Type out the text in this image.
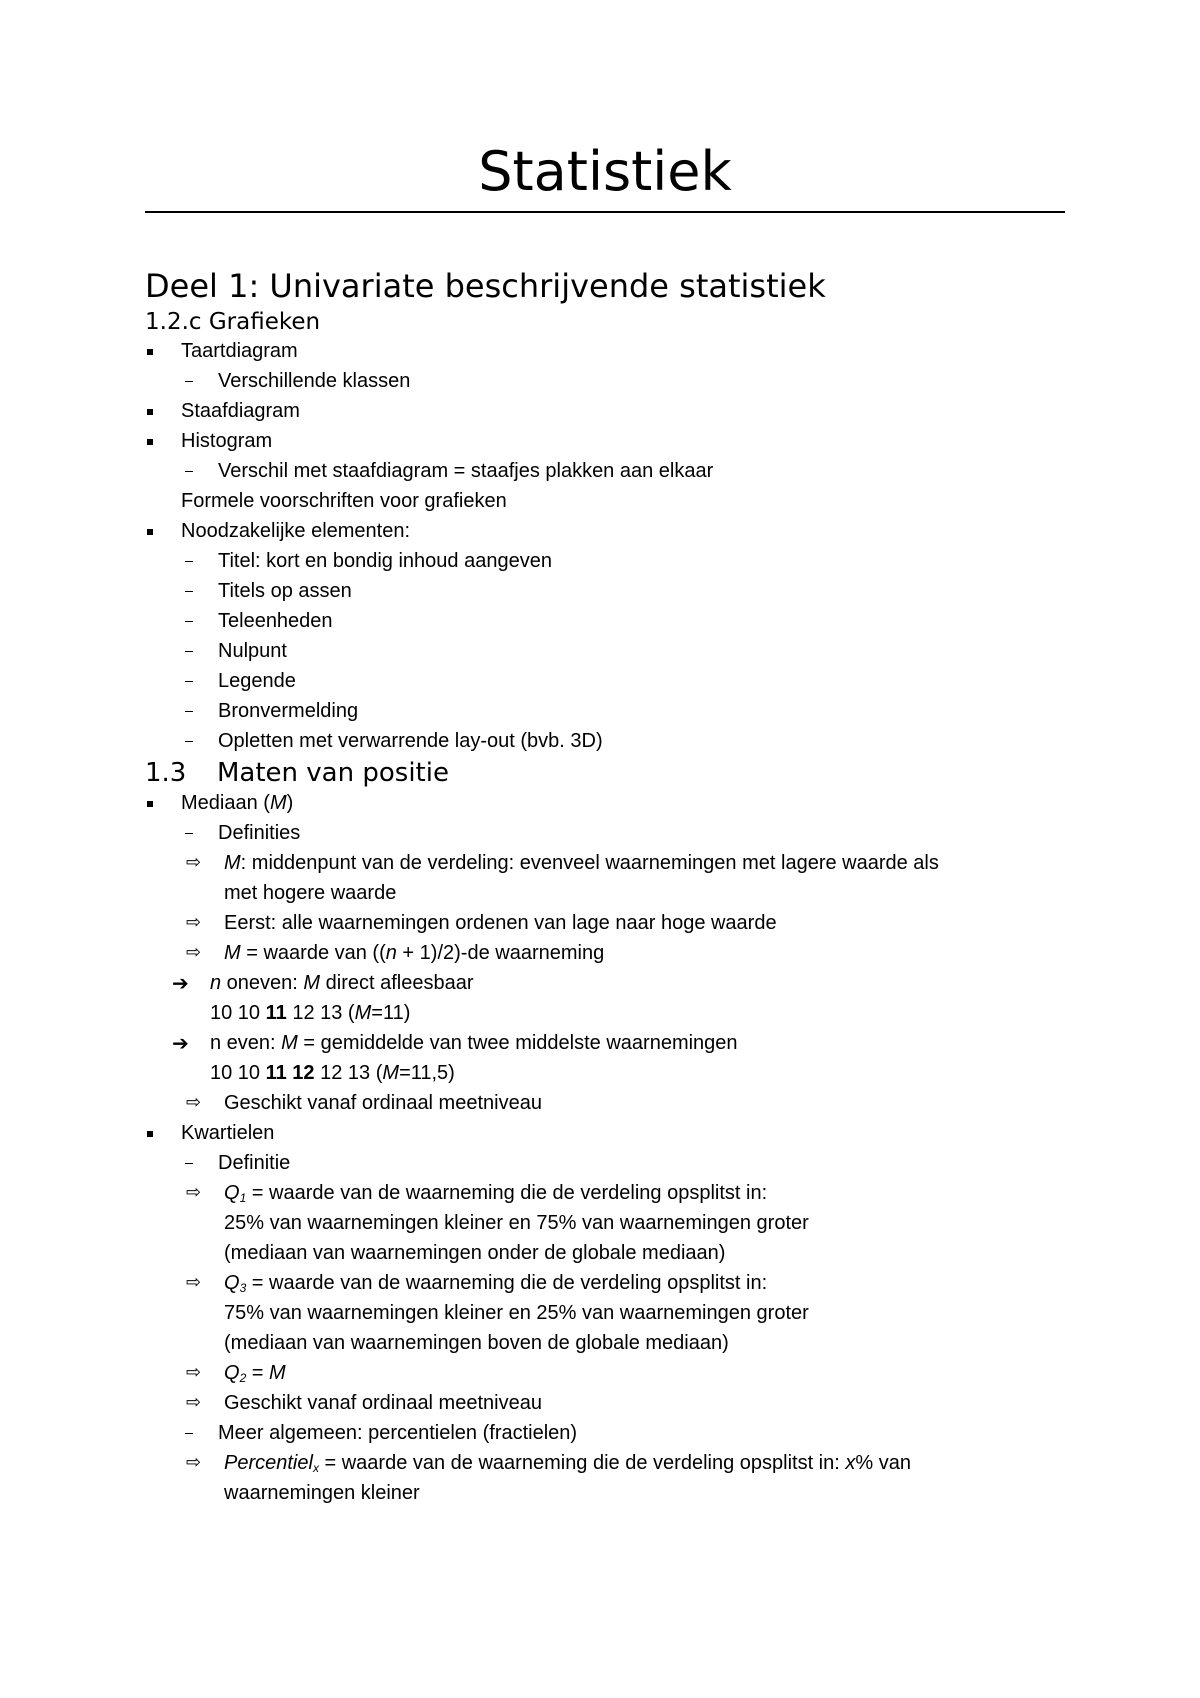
Statistiek
Deel 1: Univariate beschrijvende statistiek
1.2.c Grafieken
Taartdiagram
Verschillende klassen
Staafdiagram
Histogram
Verschil met staafdiagram = staafjes plakken aan elkaar
Formele voorschriften voor grafieken
Noodzakelijke elementen:
Titel: kort en bondig inhoud aangeven
Titels op assen
Teleenheden
Nulpunt
Legende
Bronvermelding
Opletten met verwarrende lay-out (bvb. 3D)
1.3 Maten van positie
Mediaan (M)
Definities
⇨ M: middenpunt van de verdeling: evenveel waarnemingen met lagere waarde als
met hogere waarde
⇨ Eerst: alle waarnemingen ordenen van lage naar hoge waarde
⇨ M = waarde van ((n + 1)/2)-de waarneming
➔ n oneven: M direct afleesbaar
10 10 11 12 13 (M=11)
➔ n even: M = gemiddelde van twee middelste waarnemingen
10 10 11 12 12 13 (M=11,5)
⇨ Geschikt vanaf ordinaal meetniveau
Kwartielen
Definitie
⇨ $Q_1$ = waarde van de waarneming die de verdeling opsplitst in:
25% van waarnemingen kleiner en 75% van waarnemingen groter
(mediaan van waarnemingen onder de globale mediaan)
⇨ $Q_3$ = waarde van de waarneming die de verdeling opsplitst in:
75% van waarnemingen kleiner en 25% van waarnemingen groter
(mediaan van waarnemingen boven de globale mediaan)
⇨ $Q_2 = M$
⇨ Geschikt vanaf ordinaal meetniveau
Meer algemeen: percentielen (fractielen)
⇨ Percentiel$_x$ = waarde van de waarneming die de verdeling opsplitst in: x% van
waarnemingen kleiner
